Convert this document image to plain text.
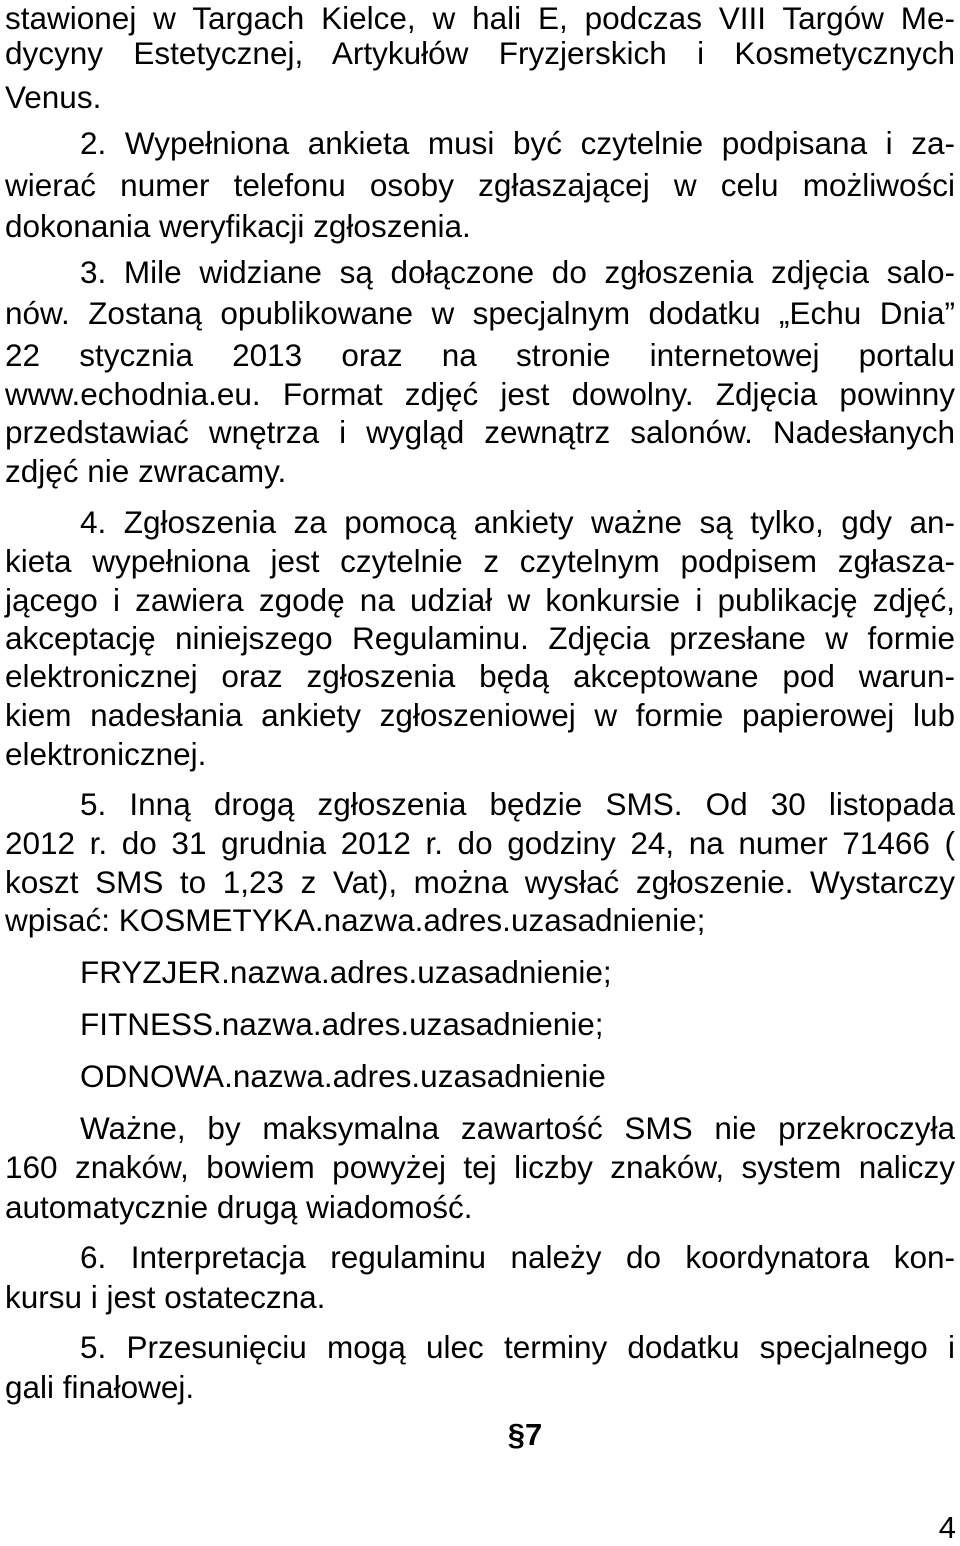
stawionej w Targach Kielce, w hali E, podczas VIII Targów Me-
dycyny Estetycznej, Artykułów Fryzjerskich i Kosmetycznych
Venus.
2. Wypełniona ankieta musi być czytelnie podpisana i za-
wierać numer telefonu osoby zgłaszającej w celu możliwości
dokonania weryfikacji zgłoszenia.
3. Mile widziane są dołączone do zgłoszenia zdjęcia salo-
nów. Zostaną opublikowane w specjalnym dodatku „Echu Dnia”
22 stycznia 2013 oraz na stronie internetowej portalu
www.echodnia.eu. Format zdjęć jest dowolny. Zdjęcia powinny
przedstawiać wnętrza i wygląd zewnątrz salonów. Nadesłanych
zdjęć nie zwracamy.
4. Zgłoszenia za pomocą ankiety ważne są tylko, gdy an-
kieta wypełniona jest czytelnie z czytelnym podpisem zgłasza-
jącego i zawiera zgodę na udział w konkursie i publikację zdjęć,
akceptację niniejszego Regulaminu. Zdjęcia przesłane w formie
elektronicznej oraz zgłoszenia będą akceptowane pod warun-
kiem nadesłania ankiety zgłoszeniowej w formie papierowej lub
elektronicznej.
5. Inną drogą zgłoszenia będzie SMS. Od 30 listopada
2012 r. do 31 grudnia 2012 r. do godziny 24, na numer 71466 (
koszt SMS to 1,23 z Vat), można wysłać zgłoszenie. Wystarczy
wpisać: KOSMETYKA.nazwa.adres.uzasadnienie;
FRYZJER.nazwa.adres.uzasadnienie;
FITNESS.nazwa.adres.uzasadnienie;
ODNOWA.nazwa.adres.uzasadnienie
Ważne, by maksymalna zawartość SMS nie przekroczyła
160 znaków, bowiem powyżej tej liczby znaków, system naliczy
automatycznie drugą wiadomość.
6. Interpretacja regulaminu należy do koordynatora kon-
kursu i jest ostateczna.
5. Przesunięciu mogą ulec terminy dodatku specjalnego i
gali finałowej.
§7
4
